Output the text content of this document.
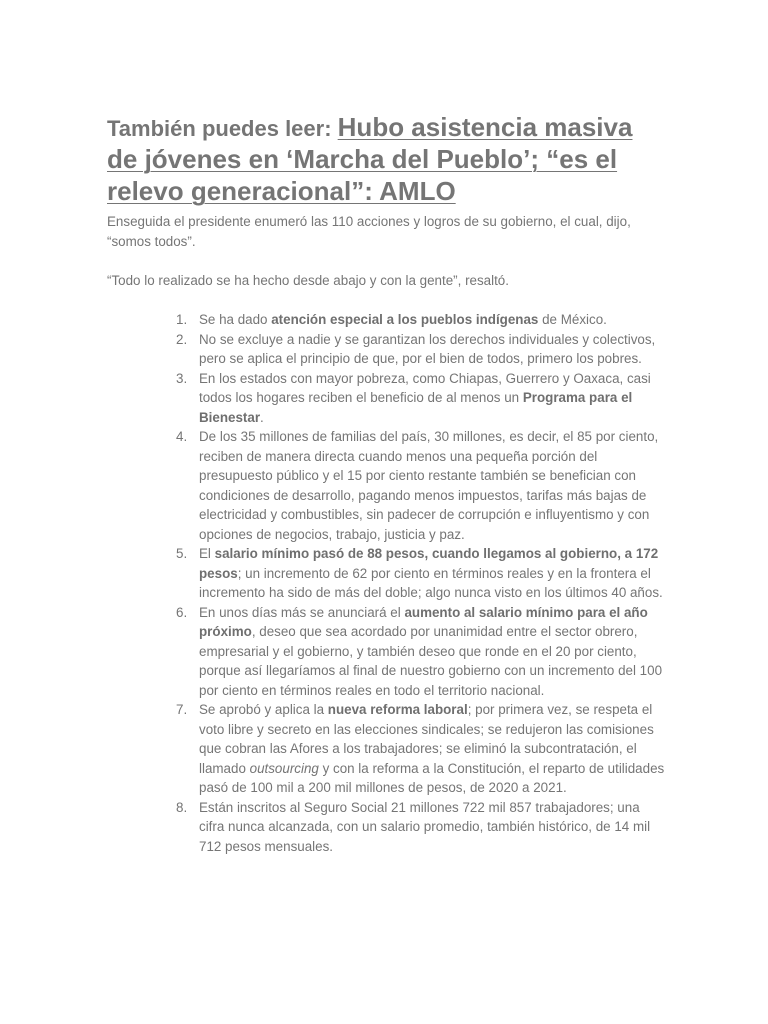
También puedes leer: Hubo asistencia masiva de jóvenes en ‘Marcha del Pueblo’; “es el relevo generacional”: AMLO

Enseguida el presidente enumeró las 110 acciones y logros de su gobierno, el cual, dijo, “somos todos”.

“Todo lo realizado se ha hecho desde abajo y con la gente”, resaltó.

1. Se ha dado atención especial a los pueblos indígenas de México.
2. No se excluye a nadie y se garantizan los derechos individuales y colectivos, pero se aplica el principio de que, por el bien de todos, primero los pobres.
3. En los estados con mayor pobreza, como Chiapas, Guerrero y Oaxaca, casi todos los hogares reciben el beneficio de al menos un Programa para el Bienestar.
4. De los 35 millones de familias del país, 30 millones, es decir, el 85 por ciento, reciben de manera directa cuando menos una pequeña porción del presupuesto público y el 15 por ciento restante también se benefician con condiciones de desarrollo, pagando menos impuestos, tarifas más bajas de electricidad y combustibles, sin padecer de corrupción e influyentismo y con opciones de negocios, trabajo, justicia y paz.
5. El salario mínimo pasó de 88 pesos, cuando llegamos al gobierno, a 172 pesos; un incremento de 62 por ciento en términos reales y en la frontera el incremento ha sido de más del doble; algo nunca visto en los últimos 40 años.
6. En unos días más se anunciará el aumento al salario mínimo para el año próximo, deseo que sea acordado por unanimidad entre el sector obrero, empresarial y el gobierno, y también deseo que ronde en el 20 por ciento, porque así llegaríamos al final de nuestro gobierno con un incremento del 100 por ciento en términos reales en todo el territorio nacional.
7. Se aprobó y aplica la nueva reforma laboral; por primera vez, se respeta el voto libre y secreto en las elecciones sindicales; se redujeron las comisiones que cobran las Afores a los trabajadores; se eliminó la subcontratación, el llamado outsourcing y con la reforma a la Constitución, el reparto de utilidades pasó de 100 mil a 200 mil millones de pesos, de 2020 a 2021.
8. Están inscritos al Seguro Social 21 millones 722 mil 857 trabajadores; una cifra nunca alcanzada, con un salario promedio, también histórico, de 14 mil 712 pesos mensuales.
